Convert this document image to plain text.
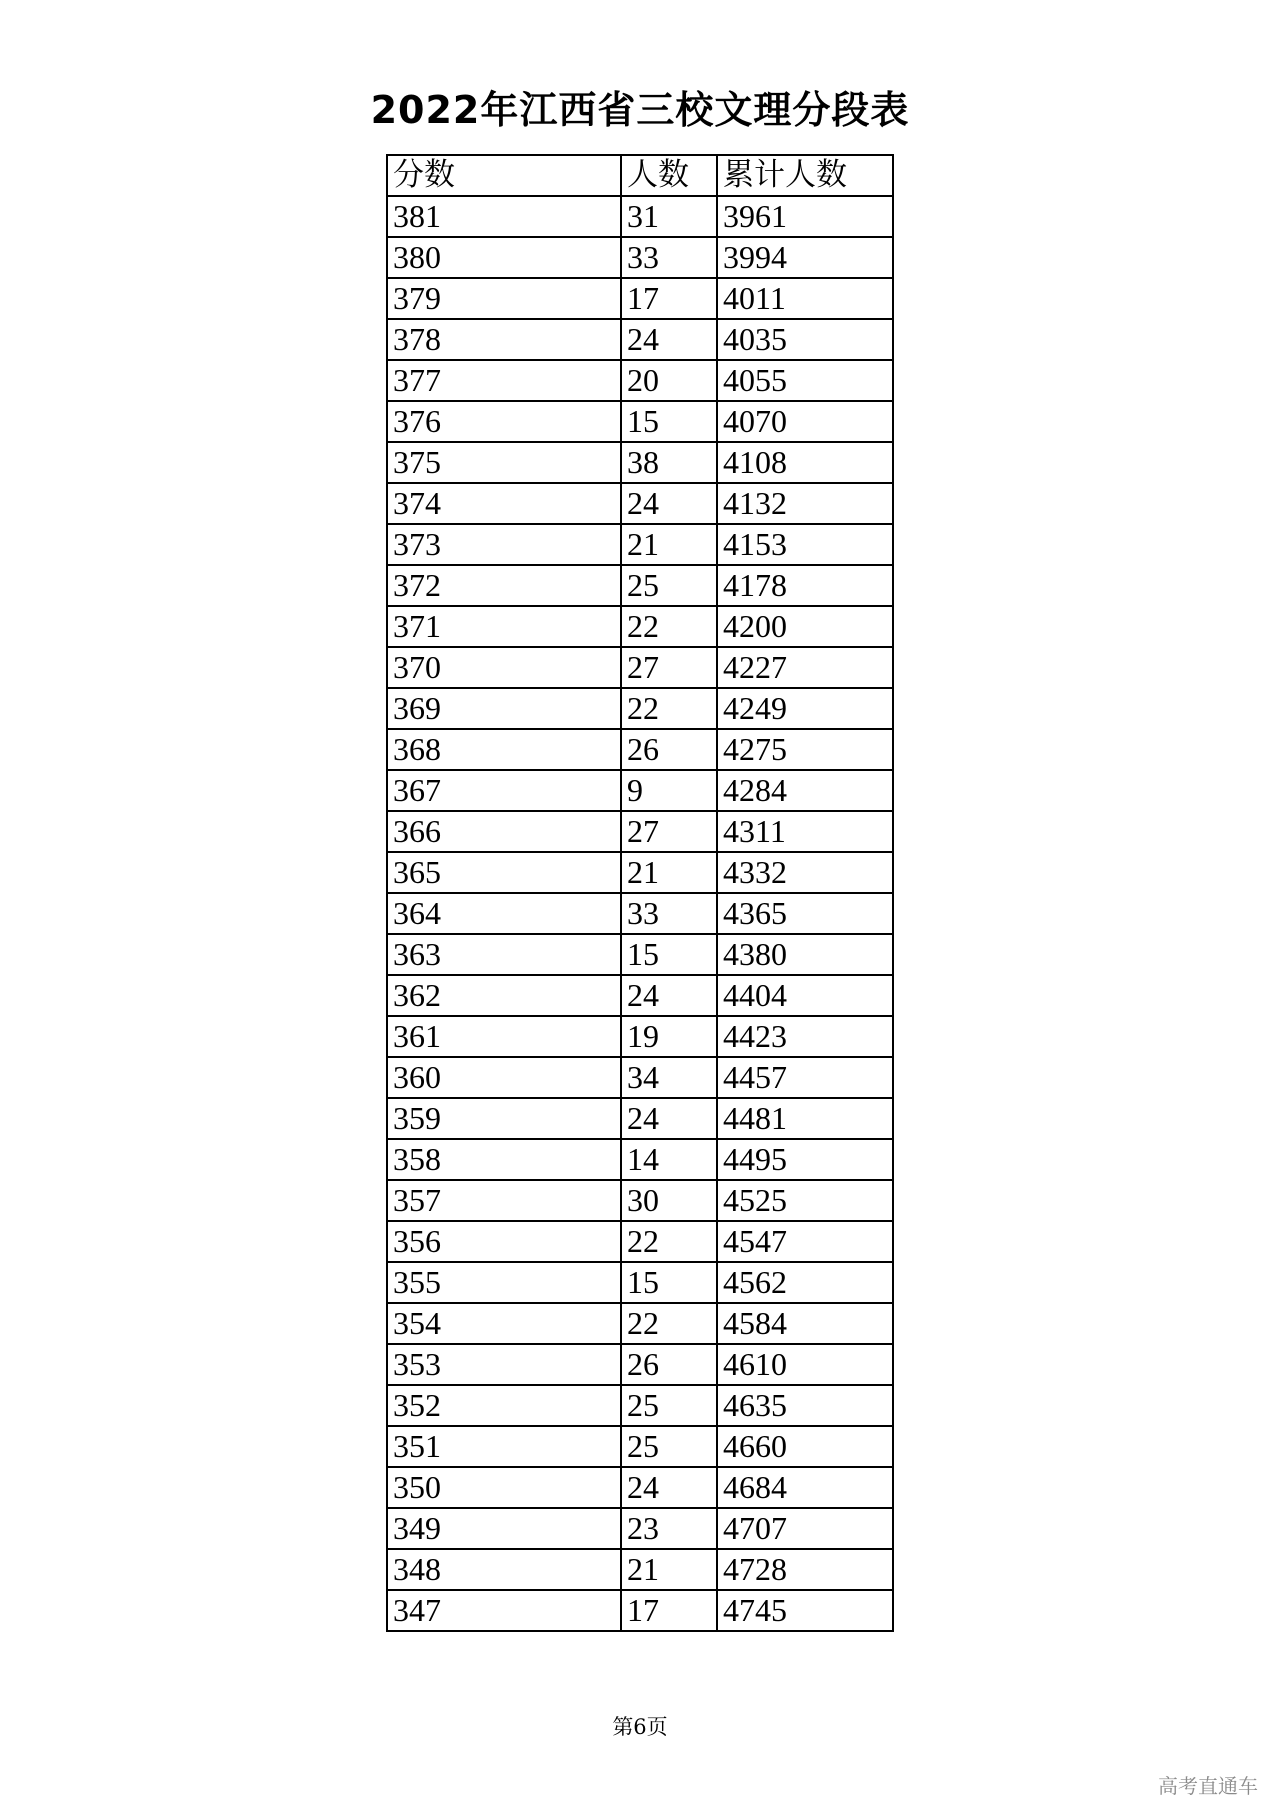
2022年江西省三校文理分段表
分数	人数	累计人数
381	31	3961
380	33	3994
379	17	4011
378	24	4035
377	20	4055
376	15	4070
375	38	4108
374	24	4132
373	21	4153
372	25	4178
371	22	4200
370	27	4227
369	22	4249
368	26	4275
367	9	4284
366	27	4311
365	21	4332
364	33	4365
363	15	4380
362	24	4404
361	19	4423
360	34	4457
359	24	4481
358	14	4495
357	30	4525
356	22	4547
355	15	4562
354	22	4584
353	26	4610
352	25	4635
351	25	4660
350	24	4684
349	23	4707
348	21	4728
347	17	4745
第6页
高考直通车
